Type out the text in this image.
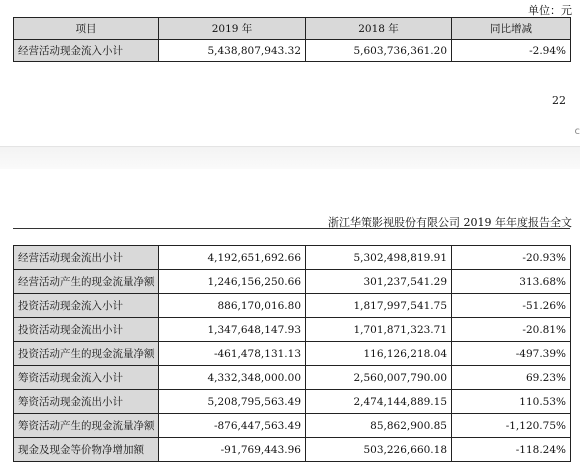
单位：元
项目	2019 年	2018 年	同比增减
经营活动现金流入小计	5,438,807,943.32	5,603,736,361.20	-2.94%
22
c
浙江华策影视股份有限公司 2019 年年度报告全文
经营活动现金流出小计	4,192,651,692.66	5,302,498,819.91	-20.93%
经营活动产生的现金流量净额	1,246,156,250.66	301,237,541.29	313.68%
投资活动现金流入小计	886,170,016.80	1,817,997,541.75	-51.26%
投资活动现金流出小计	1,347,648,147.93	1,701,871,323.71	-20.81%
投资活动产生的现金流量净额	-461,478,131.13	116,126,218.04	-497.39%
筹资活动现金流入小计	4,332,348,000.00	2,560,007,790.00	69.23%
筹资活动现金流出小计	5,208,795,563.49	2,474,144,889.15	110.53%
筹资活动产生的现金流量净额	-876,447,563.49	85,862,900.85	-1,120.75%
现金及现金等价物净增加额	-91,769,443.96	503,226,660.18	-118.24%
